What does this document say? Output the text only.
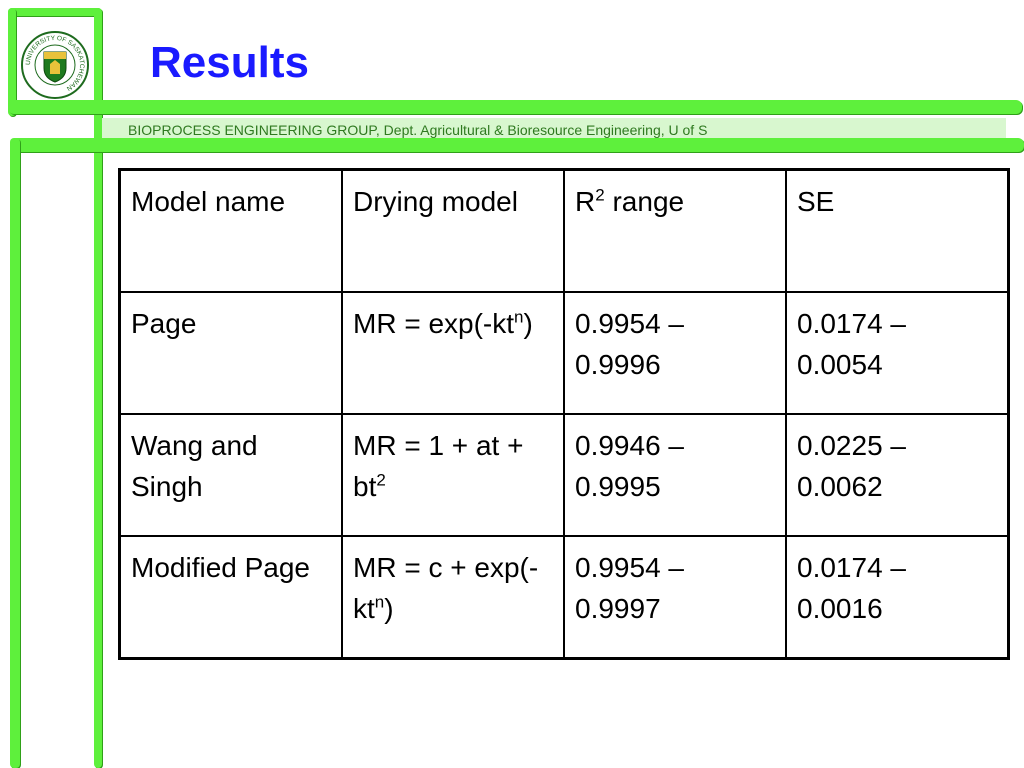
UNIVERSITY OF SASKATCHEWAN
Results
BIOPROCESS ENGINEERING GROUP, Dept. Agricultural & Bioresource Engineering, U of S
Model name	Drying model	$R^2$ range	SE
Page	MR = $\exp(-kt^n)$	0.9954 – 0.9996	0.0174 – 0.0054
Wang and Singh	MR = 1 + at + $bt^2$	0.9946 – 0.9995	0.0225 – 0.0062
Modified Page	MR = $c + \exp(-kt^n)$	0.9954 – 0.9997	0.0174 – 0.0016
